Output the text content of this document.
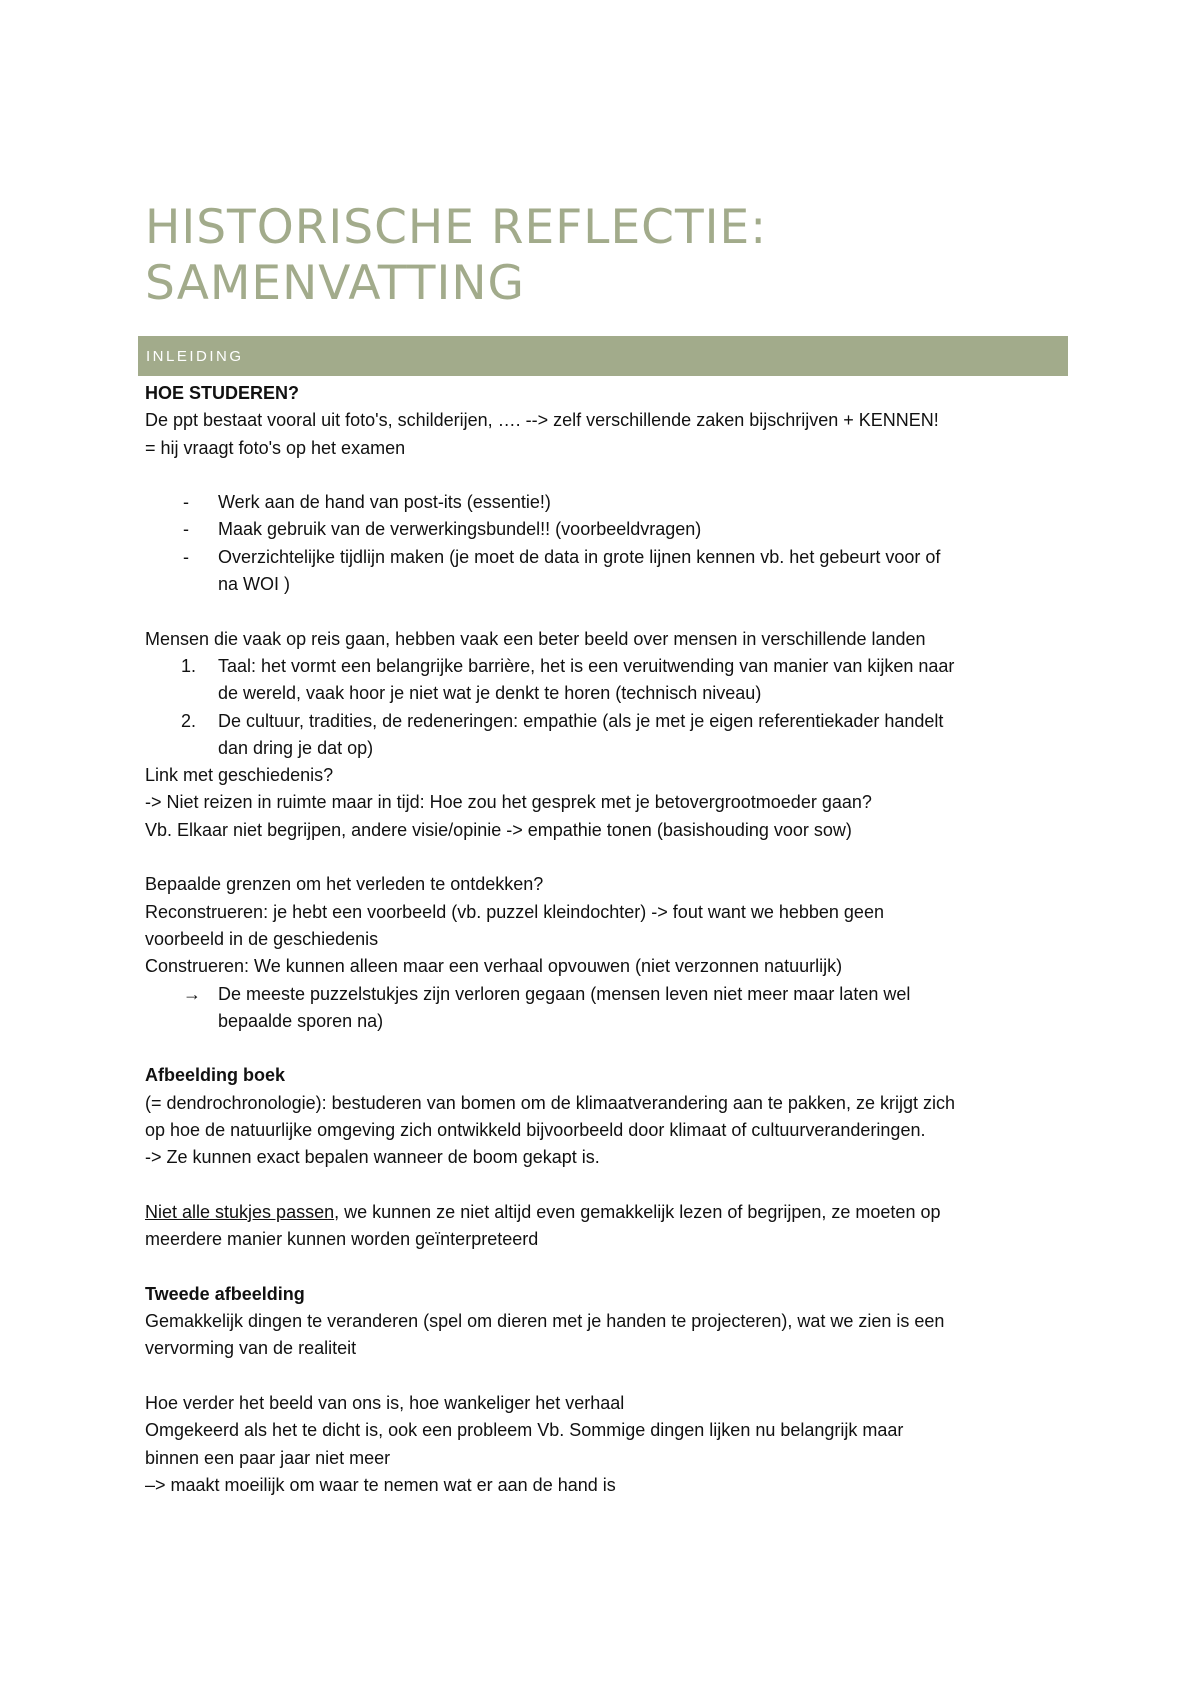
HISTORISCHE REFLECTIE:
SAMENVATTING
INLEIDING

HOE STUDEREN?

De ppt bestaat vooral uit foto's, schilderijen, …. --> zelf verschillende zaken bijschrijven + KENNEN!

= hij vraagt foto's op het examen

- Werk aan de hand van post-its (essentie!)
- Maak gebruik van de verwerkingsbundel!! (voorbeeldvragen)
- Overzichtelijke tijdlijn maken (je moet de data in grote lijnen kennen vb. het gebeurt voor of
na WOI )

Mensen die vaak op reis gaan, hebben vaak een beter beeld over mensen in verschillende landen

1. Taal: het vormt een belangrijke barrière, het is een veruitwending van manier van kijken naar
de wereld, vaak hoor je niet wat je denkt te horen (technisch niveau)
2. De cultuur, tradities, de redeneringen: empathie (als je met je eigen referentiekader handelt
dan dring je dat op)

Link met geschiedenis?

-> Niet reizen in ruimte maar in tijd: Hoe zou het gesprek met je betovergrootmoeder gaan?

Vb. Elkaar niet begrijpen, andere visie/opinie -> empathie tonen (basishouding voor sow)

Bepaalde grenzen om het verleden te ontdekken?

Reconstrueren: je hebt een voorbeeld (vb. puzzel kleindochter) -> fout want we hebben geen

voorbeeld in de geschiedenis

Construeren: We kunnen alleen maar een verhaal opvouwen (niet verzonnen natuurlijk)

→ De meeste puzzelstukjes zijn verloren gegaan (mensen leven niet meer maar laten wel
bepaalde sporen na)

Afbeelding boek

(= dendrochronologie): bestuderen van bomen om de klimaatverandering aan te pakken, ze krijgt zich

op hoe de natuurlijke omgeving zich ontwikkeld bijvoorbeeld door klimaat of cultuurveranderingen.

-> Ze kunnen exact bepalen wanneer de boom gekapt is.

Niet alle stukjes passen, we kunnen ze niet altijd even gemakkelijk lezen of begrijpen, ze moeten op

meerdere manier kunnen worden geïnterpreteerd

Tweede afbeelding

Gemakkelijk dingen te veranderen (spel om dieren met je handen te projecteren), wat we zien is een

vervorming van de realiteit

Hoe verder het beeld van ons is, hoe wankeliger het verhaal

Omgekeerd als het te dicht is, ook een probleem Vb. Sommige dingen lijken nu belangrijk maar

binnen een paar jaar niet meer

–> maakt moeilijk om waar te nemen wat er aan de hand is
